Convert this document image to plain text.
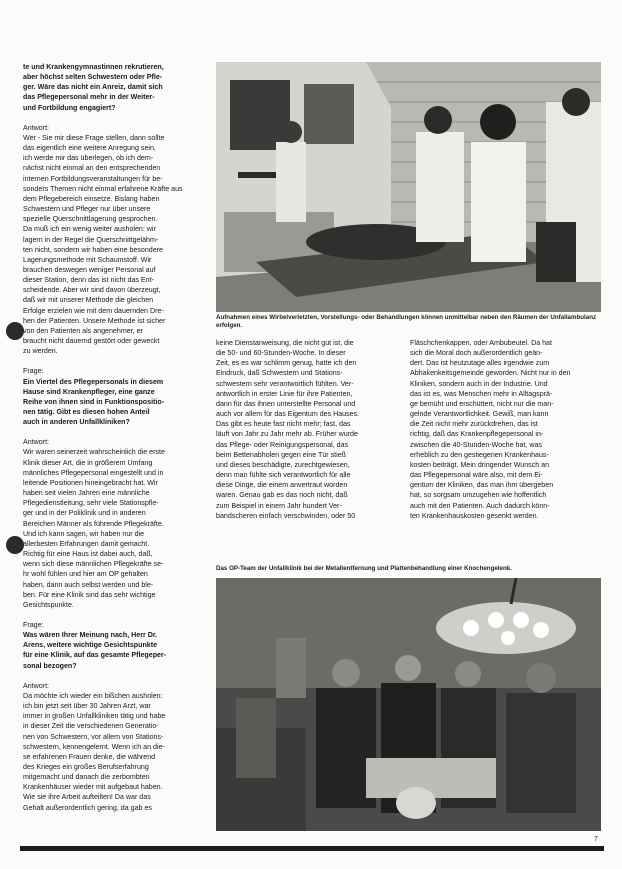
te und Krankengymnastinnen rekrutieren,

aber höchst selten Schwestern oder Pfle-

ger. Wäre das nicht ein Anreiz, damit sich

das Pflegepersonal mehr in der Weiter-

und Fortbildung engagiert?

Antwort:

Wer - Sie mir diese Frage stellen, dann sollte

das eigentlich eine weitere Anregung sein,

ich werde mir das überlegen, ob ich dem-

nächst nicht einmal an den entsprechenden

internen Fortbildungsveranstaltungen für be-

sonders Themen nicht einmal erfahrene Kräfte aus

dem Pflegebereich einsetze. Bislang haben

Schwestern und Pfleger nur über unsere

spezielle Querschnittlagerung gesprochen.

Da muß ich ein wenig weiter ausholen: wir

lagern in der Regel die Querschnittgelähm-

ten nicht, sondern wir haben eine besondere

Lagerungsmethode mit Schaumstoff. Wir

brauchen deswegen weniger Personal auf

dieser Station, denn das ist nicht das Ent-

scheidende. Aber wir sind davon überzeugt,

daß wir mit unserer Methode die gleichen

Erfolge erzielen wie mit dem dauernden Dre-

hen der Patienten. Unsere Methode ist sicher

von den Patienten als angenehmer, er

braucht nicht dauernd gestört oder geweckt

zu werden.

Frage:

Ein Viertel des Pflegepersonals in diesem

Hause sind Krankenpfleger, eine ganze

Reihe von ihnen sind in Funktionspositio-

nen tätig. Gibt es diesen hohen Anteil

auch in anderen Unfallkliniken?

Antwort:

Wir waren seinerzeit wahrscheinlich die erste

Klinik dieser Art, die in größerem Umfang

männliches Pflegepersonal eingestellt und in

leitende Positionen hineingebracht hat. Wir

haben seit vielen Jahren eine männliche

Pflegedienstleitung, sehr viele Stationspfle-

ger und in der Poliklinik und in anderen

Bereichen Männer als führende Pflegekräfte.

Und ich kann sagen, wir haben nur die

allerbesten Erfahrungen damit gemacht.

Richtig für eine Haus ist dabei auch, daß,

wenn sich diese männlichen Pflegekräfte se-

hr wohl fühlen und hier am OP gehalten

haben, dann auch selbst werden und ble-

ben. Für eine Klinik sind das sehr wichtige

Gesichtspunkte.

Frage:

Was wären Ihrer Meinung nach, Herr Dr.

Arens, weitere wichtige Gesichtspunkte

für eine Klinik, auf das gesamte Pflegeper-

sonal bezogen?

Antwort:

Da möchte ich wieder ein bißchen ausholen:

ich bin jetzt seit über 30 Jahren Arzt, war

immer in großen Unfallkliniken tätig und habe

in dieser Zeit die verschiedenen Generatio-

nen von Schwestern, vor allem von Stations-

schwestern, kennengelernt. Wenn ich an die-

se erfahrenen Frauen denke, die während

des Krieges ein großes Berufserfahrung

mitgemacht und danach die zerbombten

Krankenhäuser wieder mit aufgebaut haben.

Wie sie ihre Arbeit aufteilten! Da war das

Gehalt außerordentlich gering, da gab es

Aufnahmen eines Wirbelverletzten, Vorstellungs- oder Behandlungen können unmittelbar neben den Räumen der Unfallambulanz erfolgen.

keine Dienstanweisung, die nicht gut ist, die

die 50- und 60-Stunden-Woche. In dieser

Zeit, es es war schlimm genug, hatte ich den

Eindruck, daß Schwestern und Stations-

schwestern sehr verantwortlich fühlten. Ver-

antwortlich in erster Linie für ihre Patienten,

dann für das ihnen unterstellte Personal und

auch vor allem für das Eigentum des Hauses.

Das gibt es heute fast nicht mehr; fast, das

läuft von Jahr zu Jahr mehr ab. Früher wurde

das Pflege- oder Reinigungspersonal, das

beim Bettenabholen gegen eine Tür stieß

und dieses beschädigte, zurechtgewiesen,

denn man fühlte sich verantwortlich für alle

diese Dinge, die einem anvertraut worden

waren. Genau gab es das noch nicht, daß

zum Beispiel in einem Jahr hundert Ver-

bandscheren einfach verschwinden, oder 50

Fläschchenkappen, oder Ambubeutel. Da hat

sich die Moral doch außerordentlich geän-

dert. Das ist heutzutage alles irgendwie zum

Abhakenkeitsgemeinde geworden. Nicht nur in den

Kliniken, sondern auch in der Industrie. Und

das ist es, was Menschen mehr in Alltagsprä-

ge bemüht und erschüttert, nicht nur die man-

gelnde Verantwortlichkeit. Gewiß, man kann

die Zeit nicht mehr zurückdrehen, das ist

richtig, daß das Krankenpflegepersonal in-

zwischen die 40-Stunden-Woche hat, was

erheblich zu den gestiegenen Krankenhaus-

kosten beiträgt. Mein dringender Wunsch an

das Pflegepersonal wäre also, mit dem Ei-

gentum der Kliniken, das man ihm übergeben

hat, so sorgsam umzugehen wie hoffentlich

auch mit den Patienten. Auch dadurch könn-

ten Krankenhauskosten gesenkt werden.

Das OP-Team der Unfallklinik bei der Metallentfernung und Plattenbehandlung einer Knochengelenk.
7
